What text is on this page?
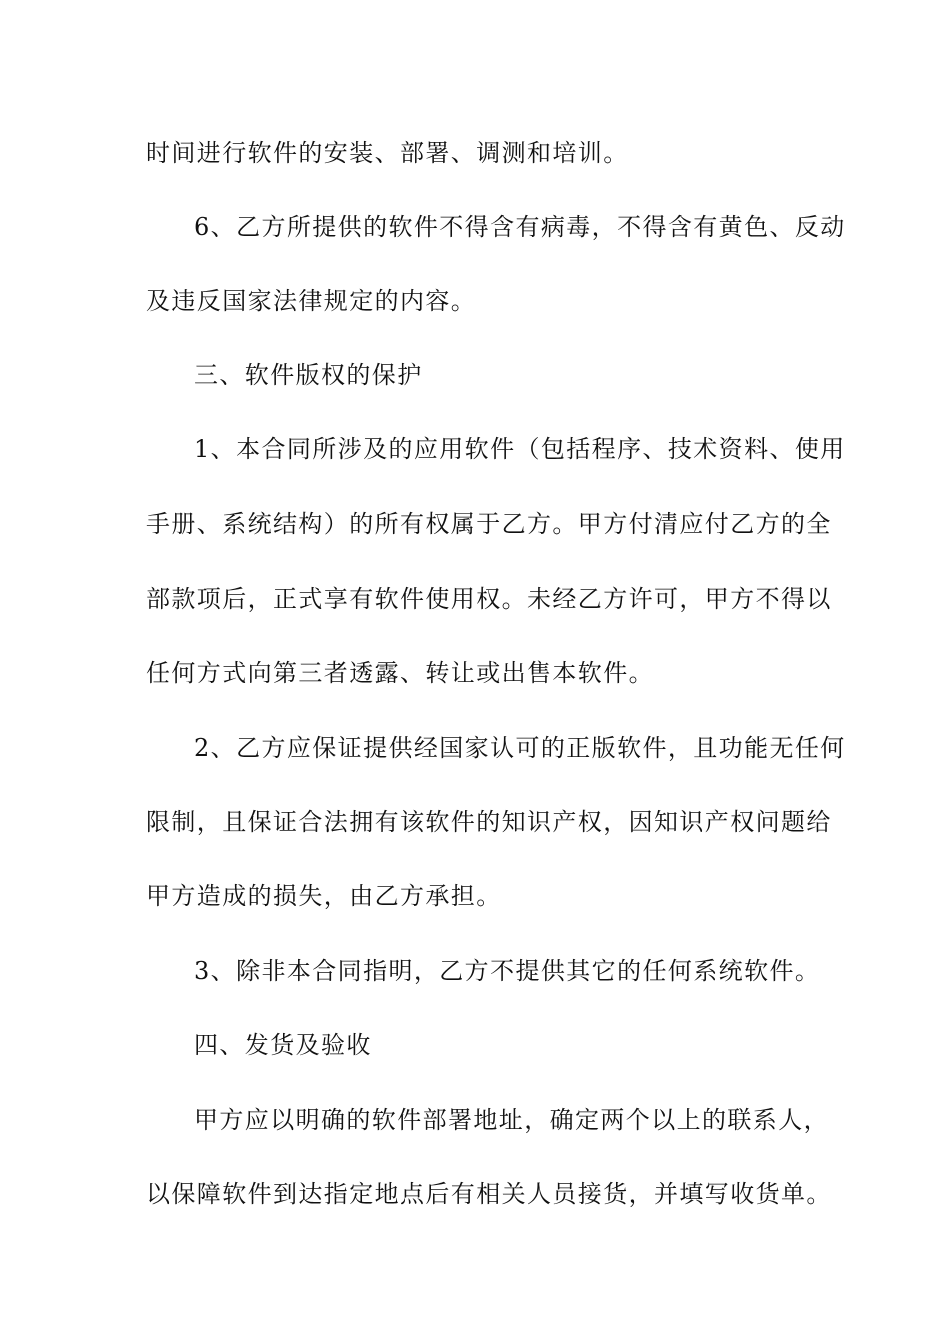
时间进行软件的安装、部署、调测和培训。
6、乙方所提供的软件不得含有病毒，不得含有黄色、反动
及违反国家法律规定的内容。
三、软件版权的保护
1、本合同所涉及的应用软件（包括程序、技术资料、使用
手册、系统结构）的所有权属于乙方。甲方付清应付乙方的全
部款项后，正式享有软件使用权。未经乙方许可，甲方不得以
任何方式向第三者透露、转让或出售本软件。
2、乙方应保证提供经国家认可的正版软件，且功能无任何
限制，且保证合法拥有该软件的知识产权，因知识产权问题给
甲方造成的损失，由乙方承担。
3、除非本合同指明，乙方不提供其它的任何系统软件。
四、发货及验收
甲方应以明确的软件部署地址，确定两个以上的联系人，
以保障软件到达指定地点后有相关人员接货，并填写收货单。
